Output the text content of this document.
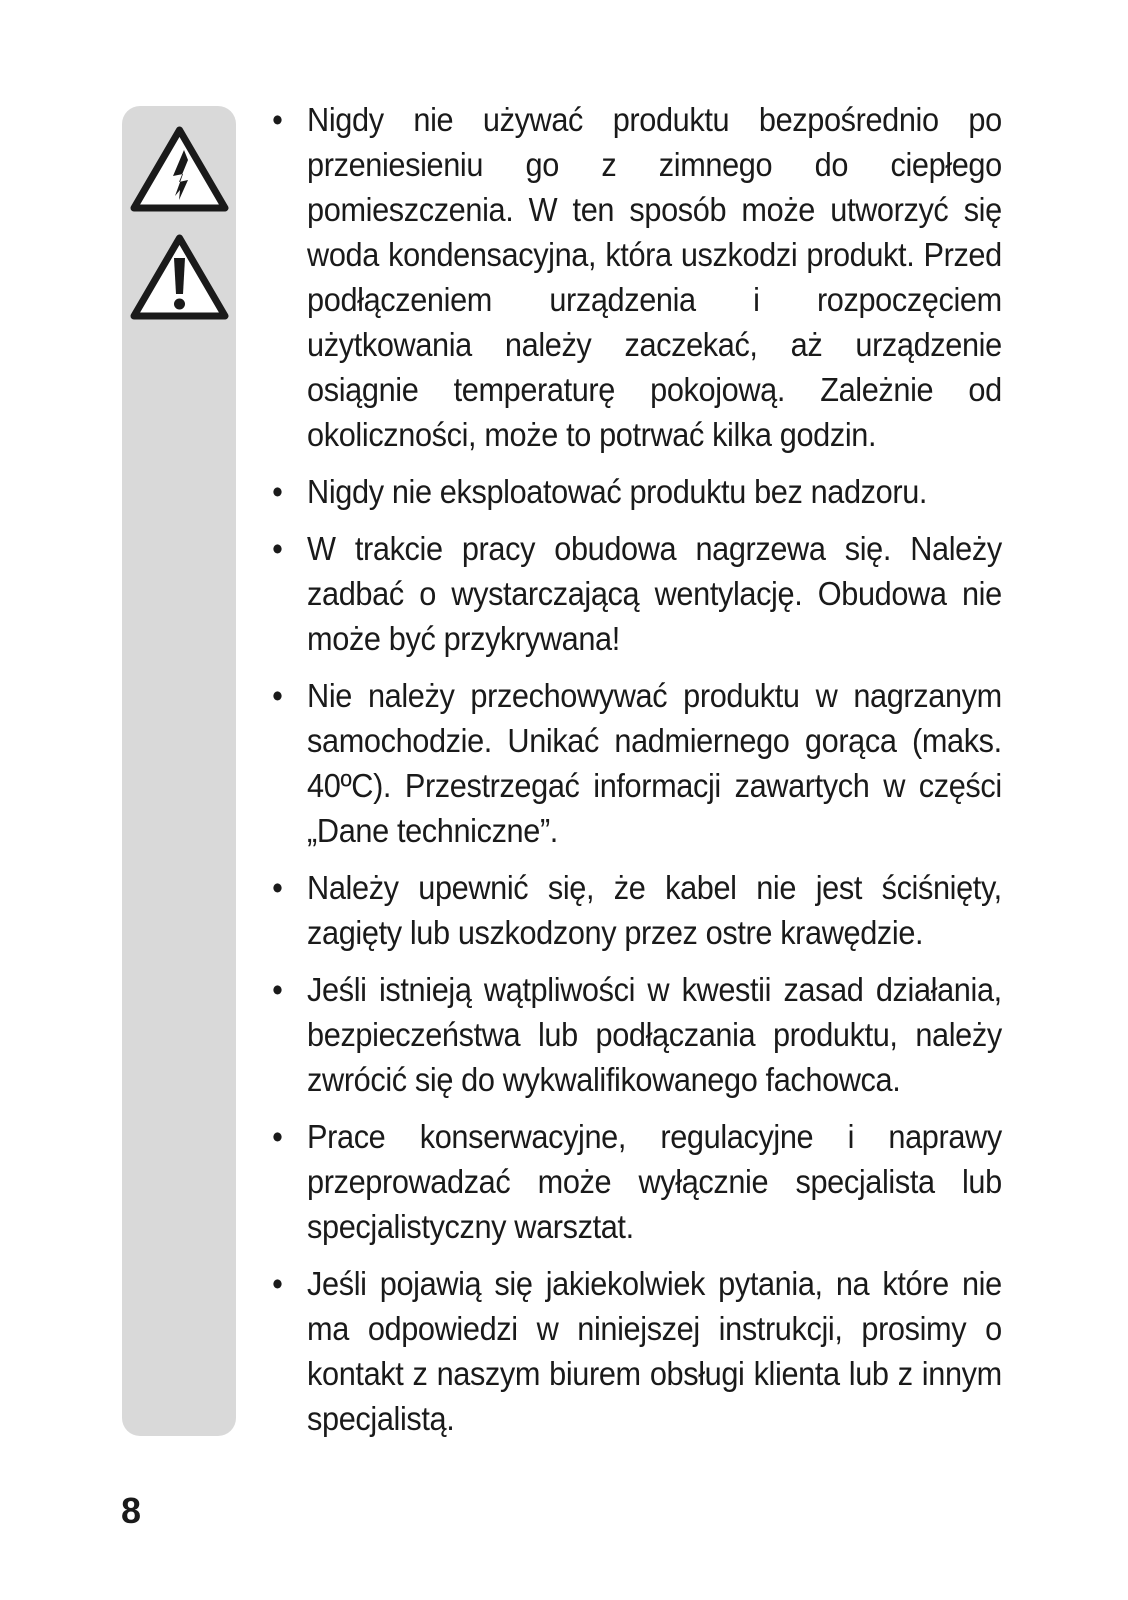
• Nigdy nie używać produktu bezpośrednio po przeniesieniu go z zimnego do ciepłego pomieszczenia. W ten sposób może utworzyć się woda kondensacyjna, która uszkodzi produkt. Przed podłączeniem urządzenia i rozpoczęciem użytkowania należy zaczekać, aż urządzenie osiągnie temperaturę pokojową. Zależnie od okoliczności, może to potrwać kilka godzin.
• Nigdy nie eksploatować produktu bez nadzoru.
• W trakcie pracy obudowa nagrzewa się. Należy zadbać o wystarczającą wentylację. Obudowa nie może być przykrywana!
• Nie należy przechowywać produktu w nagrzanym samochodzie. Unikać nadmiernego gorąca (maks. 40ºC). Przestrzegać informacji zawartych w części „Dane techniczne”.
• Należy upewnić się, że kabel nie jest ściśnięty, zagięty lub uszkodzony przez ostre krawędzie.
• Jeśli istnieją wątpliwości w kwestii zasad działania, bezpieczeństwa lub podłączania produktu, należy zwrócić się do wykwalifikowanego fachowca.
• Prace konserwacyjne, regulacyjne i naprawy przeprowadzać może wyłącznie specjalista lub specjalistyczny warsztat.
• Jeśli pojawią się jakiekolwiek pytania, na które nie ma odpowiedzi w niniejszej instrukcji, prosimy o kontakt z naszym biurem obsługi klienta lub z innym specjalistą.
8
